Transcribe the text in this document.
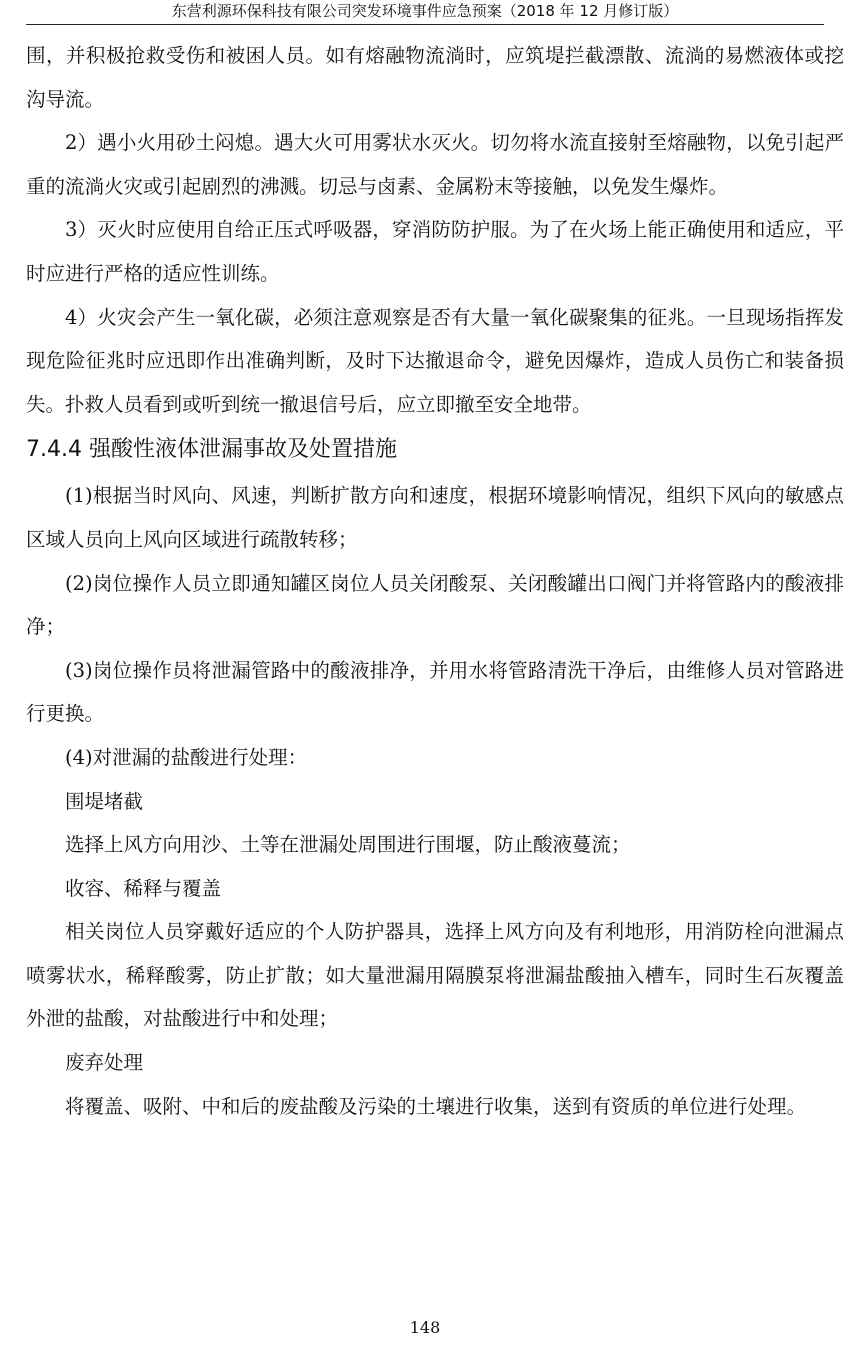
东营利源环保科技有限公司突发环境事件应急预案（2018 年 12 月修订版）

围，并积极抢救受伤和被困人员。如有熔融物流淌时，应筑堤拦截漂散、流淌的易燃液体或挖沟导流。

2）遇小火用砂土闷熄。遇大火可用雾状水灭火。切勿将水流直接射至熔融物，以免引起严重的流淌火灾或引起剧烈的沸溅。切忌与卤素、金属粉末等接触，以免发生爆炸。

3）灭火时应使用自给正压式呼吸器，穿消防防护服。为了在火场上能正确使用和适应，平时应进行严格的适应性训练。

4）火灾会产生一氧化碳，必须注意观察是否有大量一氧化碳聚集的征兆。一旦现场指挥发现危险征兆时应迅即作出准确判断，及时下达撤退命令，避免因爆炸，造成人员伤亡和装备损失。扑救人员看到或听到统一撤退信号后，应立即撤至安全地带。

7.4.4 强酸性液体泄漏事故及处置措施

(1)根据当时风向、风速，判断扩散方向和速度，根据环境影响情况，组织下风向的敏感点区域人员向上风向区域进行疏散转移；

(2)岗位操作人员立即通知罐区岗位人员关闭酸泵、关闭酸罐出口阀门并将管路内的酸液排净；

(3)岗位操作员将泄漏管路中的酸液排净，并用水将管路清洗干净后，由维修人员对管路进行更换。

(4)对泄漏的盐酸进行处理：

围堤堵截

选择上风方向用沙、土等在泄漏处周围进行围堰，防止酸液蔓流；

收容、稀释与覆盖

相关岗位人员穿戴好适应的个人防护器具，选择上风方向及有利地形，用消防栓向泄漏点喷雾状水，稀释酸雾，防止扩散；如大量泄漏用隔膜泵将泄漏盐酸抽入槽车，同时生石灰覆盖外泄的盐酸，对盐酸进行中和处理；

废弃处理

将覆盖、吸附、中和后的废盐酸及污染的土壤进行收集，送到有资质的单位进行处理。

148
